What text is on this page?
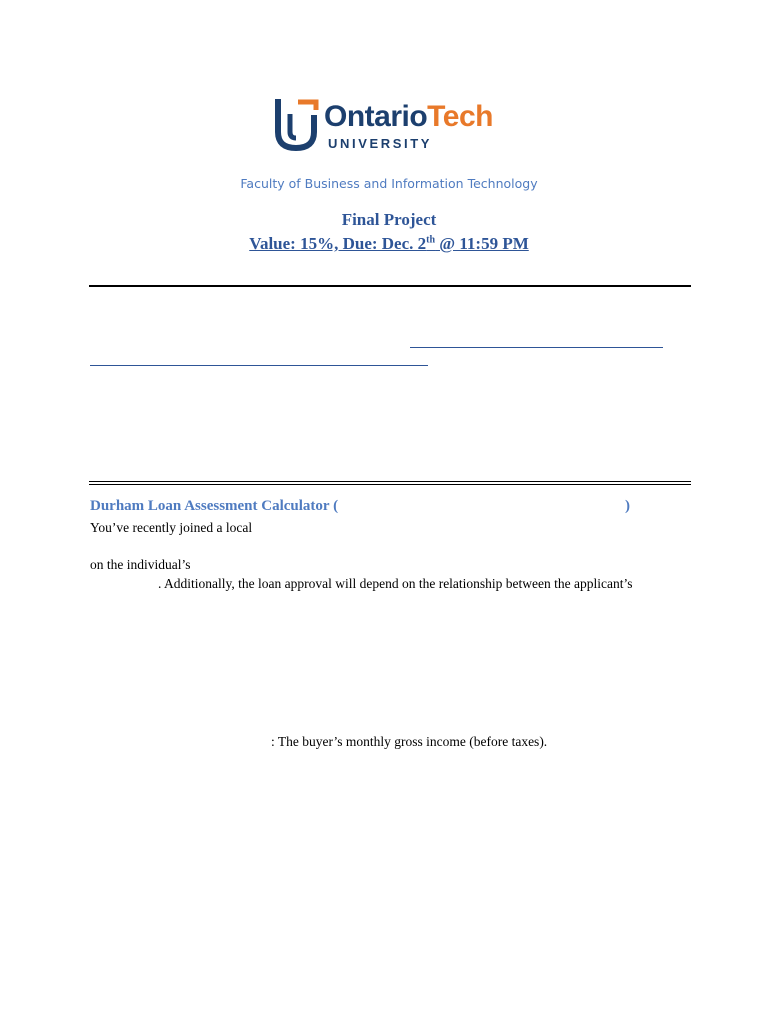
OntarioTech
UNIVERSITY
Faculty of Business and Information Technology
Final Project
Value: 15%, Due: Dec. 2th @ 11:59 PM
Durham Loan Assessment Calculator (	)
You’ve recently joined a local
on the individual’s
. Additionally, the loan approval will depend on the relationship between the applicant’s
: The buyer’s monthly gross income (before taxes).
